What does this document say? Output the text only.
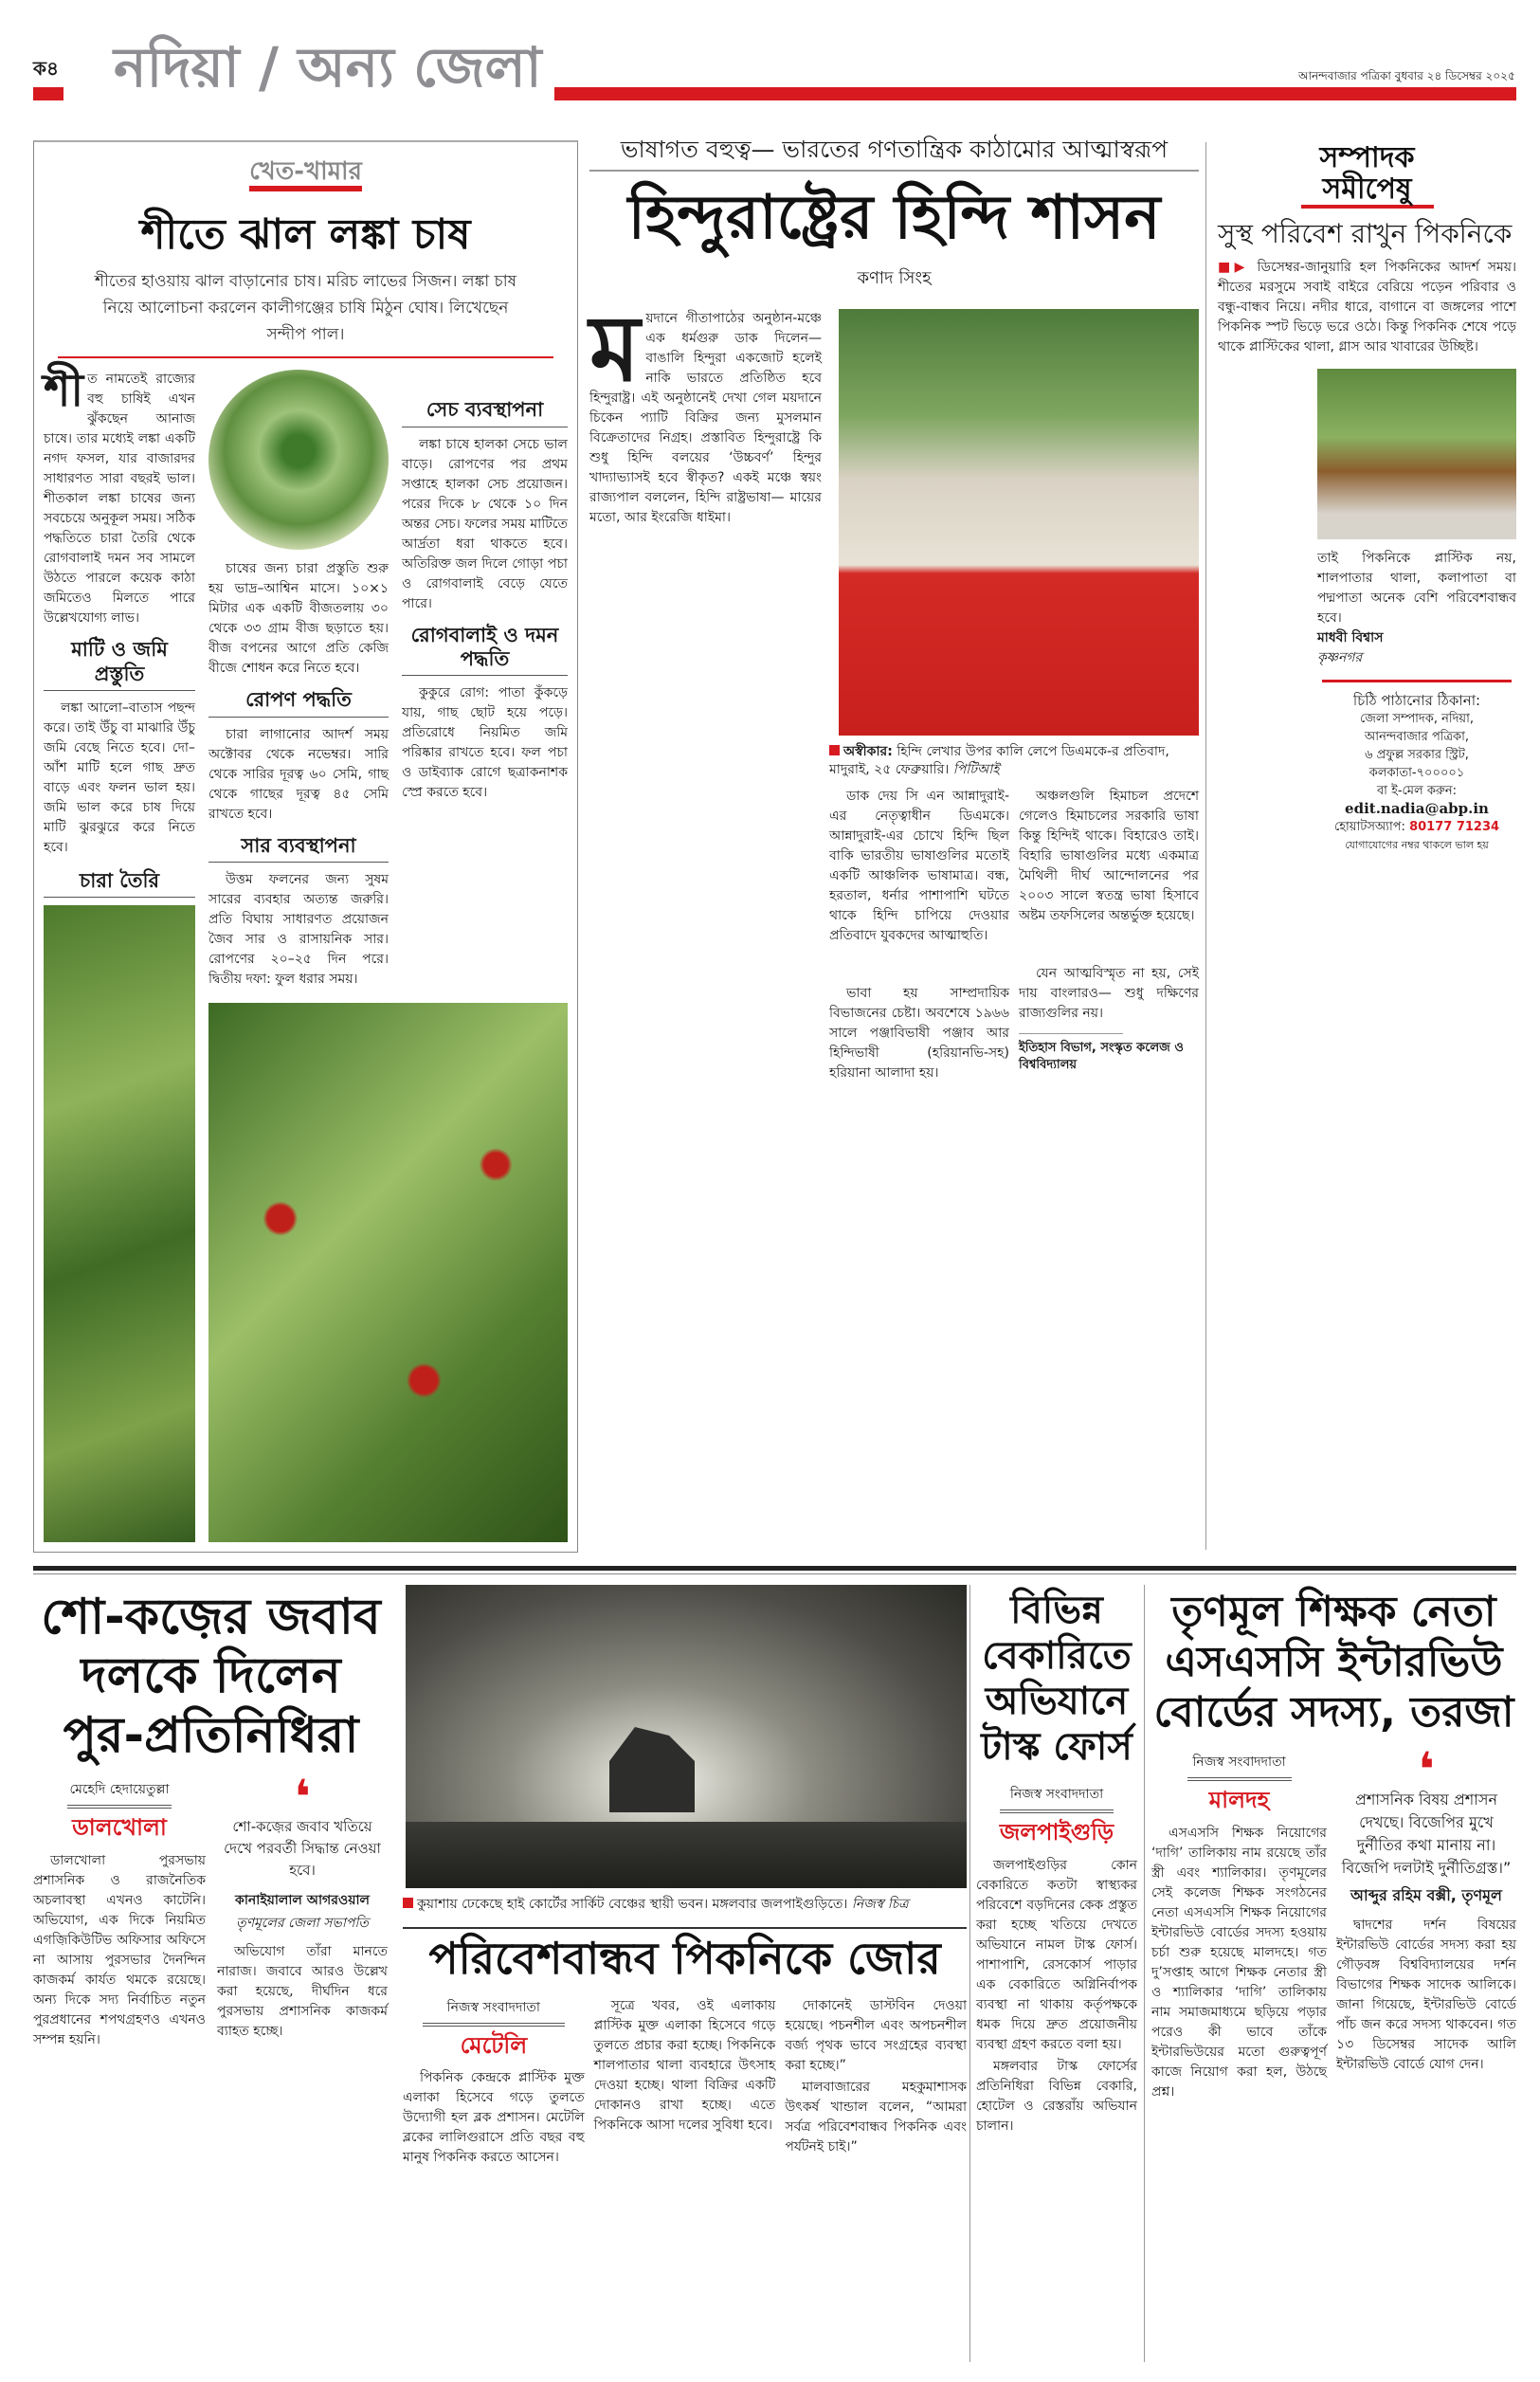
ক৪ নদিয়া / অন্য জেলা	আনন্দবাজার পত্রিকা বুধবার ২৪ ডিসেম্বর ২০২৫
খেত-খামার
শীতে ঝাল লঙ্কা চাষ
শীতের হাওয়ায় ঝাল বাড়ানোর চাষ। মরিচ লাভের সিজন। লঙ্কা চাষ নিয়ে আলোচনা করলেন কালীগঞ্জের চাষি মিঠুন ঘোষ। লিখেছেন সন্দীপ পাল।
শীত নামতেই রাজ্যের বহু চাষিই এখন ঝুঁকছেন আনাজ চাষে। তার মধ্যেই লঙ্কা একটি নগদ ফসল, যার বাজারদর সাধারণত সারা বছরই ভাল। শীতকাল লঙ্কা চাষের জন্য সবচেয়ে অনুকূল সময়। সঠিক পদ্ধতিতে চারা তৈরি থেকে রোগবালাই দমন সব সামলে উঠতে পারলে কয়েক কাঠা জমিতেও মিলতে পারে উল্লেখযোগ্য লাভ।
মাটি ও জমি প্রস্তুতি

লঙ্কা আলো–বাতাস পছন্দ করে। তাই উঁচু বা মাঝারি উঁচু জমি বেছে নিতে হবে। দো–আঁশ মাটি হলে গাছ দ্রুত বাড়ে এবং ফলন ভাল হয়। জমি ভাল করে চাষ দিয়ে মাটি ঝুরঝুরে করে নিতে হবে।

চারা তৈরি

চাষের জন্য চারা প্রস্তুতি শুরু হয় ভাদ্র–আশ্বিন মাসে। ১০×১ মিটার এক একটি বীজতলায় ৩০ থেকে ৩৩ গ্রাম বীজ ছড়াতে হয়। বীজ বপনের আগে প্রতি কেজি বীজে শোধন করে নিতে হবে।

রোপণ পদ্ধতি

চারা লাগানোর আদর্শ সময় অক্টোবর থেকে নভেম্বর। সারি থেকে সারির দূরত্ব ৬০ সেমি, গাছ থেকে গাছের দূরত্ব ৪৫ সেমি রাখতে হবে।

সার ব্যবস্থাপনা

উত্তম ফলনের জন্য সুষম সারের ব্যবহার অত্যন্ত জরুরি। প্রতি বিঘায় সাধারণত প্রয়োজন জৈব সার ও রাসায়নিক সার। রোপণের ২০–২৫ দিন পরে। দ্বিতীয় দফা: ফুল ধরার সময়।

সেচ ব্যবস্থাপনা

লঙ্কা চাষে হালকা সেচে ভাল বাড়ে। রোপণের পর প্রথম সপ্তাহে হালকা সেচ প্রয়োজন। পরের দিকে ৮ থেকে ১০ দিন অন্তর সেচ। ফলের সময় মাটিতে আর্দ্রতা ধরা থাকতে হবে। অতিরিক্ত জল দিলে গোড়া পচা ও রোগবালাই বেড়ে যেতে পারে।

রোগবালাই ও দমন পদ্ধতি

কুকুরে রোগ: পাতা কুঁকড়ে যায়, গাছ ছোট হয়ে পড়ে। প্রতিরোধে নিয়মিত জমি পরিষ্কার রাখতে হবে। ফল পচা ও ডাইব্যাক রোগে ছত্রাকনাশক স্প্রে করতে হবে।

ভাষাগত বহুত্ব— ভারতের গণতান্ত্রিক কাঠামোর আত্মাস্বরূপ
হিন্দুরাষ্ট্রের হিন্দি শাসন
কণাদ সিংহ
ময়দানে গীতাপাঠের অনুষ্ঠান-মঞ্চে এক ধর্মগুরু ডাক দিলেন— বাঙালি হিন্দুরা একজোট হলেই নাকি ভারতে প্রতিষ্ঠিত হবে হিন্দুরাষ্ট্র। এই অনুষ্ঠানেই দেখা গেল ময়দানে চিকেন প্যাটি বিক্রির জন্য মুসলমান বিক্রেতাদের নিগ্রহ। প্রস্তাবিত হিন্দুরাষ্ট্রে কি শুধু হিন্দি বলয়ের ‘উচ্চবর্ণ’ হিন্দুর খাদ্যাভ্যাসই হবে স্বীকৃত? একই মঞ্চে স্বয়ং রাজ্যপাল বললেন, হিন্দি রাষ্ট্রভাষা— মায়ের মতো, আর ইংরেজি ধাইমা।
অস্বীকার: হিন্দি লেখার উপর কালি লেপে ডিএমকে-র প্রতিবাদ, মাদুরাই, ২৫ ফেব্রুয়ারি। পিটিআই

ডাক দেয় সি এন আন্নাদুরাই-এর নেতৃত্বাধীন ডিএমকে। আন্নাদুরাই-এর চোখে হিন্দি ছিল বাকি ভারতীয় ভাষাগুলির মতোই একটি আঞ্চলিক ভাষামাত্র। বন্ধ, হরতাল, ধর্নার পাশাপাশি ঘটতে থাকে হিন্দি চাপিয়ে দেওয়ার প্রতিবাদে যুবকদের আত্মাহুতি।

ভাবা হয় সাম্প্রদায়িক বিভাজনের চেষ্টা। অবশেষে ১৯৬৬ সালে পঞ্জাবিভাষী পঞ্জাব আর হিন্দিভাষী (হরিয়ানভি-সহ) হরিয়ানা আলাদা হয়।

অঞ্চলগুলি হিমাচল প্রদেশে গেলেও হিমাচলের সরকারি ভাষা কিন্তু হিন্দিই থাকে। বিহারেও তাই। বিহারি ভাষাগুলির মধ্যে একমাত্র মৈথিলী দীর্ঘ আন্দোলনের পর ২০০৩ সালে স্বতন্ত্র ভাষা হিসাবে অষ্টম তফসিলের অন্তর্ভুক্ত হয়েছে।

যেন আত্মবিস্মৃত না হয়, সেই দায় বাংলারও— শুধু দক্ষিণের রাজ্যগুলির নয়।

ইতিহাস বিভাগ, সংস্কৃত কলেজ ও বিশ্ববিদ্যালয়
সম্পাদক সমীপেষু
সুস্থ পরিবেশ রাখুন পিকনিকে
■▶ ডিসেম্বর-জানুয়ারি হল পিকনিকের আদর্শ সময়। শীতের মরসুমে সবাই বাইরে বেরিয়ে পড়েন পরিবার ও বন্ধু-বান্ধব নিয়ে। নদীর ধারে, বাগানে বা জঙ্গলের পাশে পিকনিক স্পট ভিড়ে ভরে ওঠে। কিন্তু পিকনিক শেষে পড়ে থাকে প্লাস্টিকের থালা, গ্লাস আর খাবারের উচ্ছিষ্ট।
তাই পিকনিকে প্লাস্টিক নয়, শালপাতার থালা, কলাপাতা বা পদ্মপাতা অনেক বেশি পরিবেশবান্ধব হবে।
মাধবী বিশ্বাস
কৃষ্ণনগর
চিঠি পাঠানোর ঠিকানা:
জেলা সম্পাদক, নদিয়া,
আনন্দবাজার পত্রিকা,
৬ প্রফুল্ল সরকার স্ট্রিট,
কলকাতা-৭০০০০১
বা ই-মেল করুন:
edit.nadia@abp.in
হোয়াটসঅ্যাপ: 80177 71234
যোগাযোগের নম্বর থাকলে ভাল হয়
শো-কজ়ের জবাব দলকে দিলেন পুর-প্রতিনিধিরা
মেহেদি হেদায়েতুল্লা
ডালখোলা

ডালখোলা পুরসভায় প্রশাসনিক ও রাজনৈতিক অচলাবস্থা এখনও কাটেনি। অভিযোগ, এক দিকে নিয়মিত এগজ়িকিউটিভ অফিসার অফিসে না আসায় পুরসভার দৈনন্দিন কাজকর্ম কার্যত থমকে রয়েছে। অন্য দিকে সদ্য নির্বাচিত নতুন পুরপ্রধানের শপথগ্রহণও এখনও সম্পন্ন হয়নি।

❛
শো-কজ়ের জবাব খতিয়ে দেখে পরবর্তী সিদ্ধান্ত নেওয়া হবে।
কানাইয়ালাল আগরওয়াল
তৃণমূলের জেলা সভাপতি

অভিযোগ তাঁরা মানতে নারাজ। জবাবে আরও উল্লেখ করা হয়েছে, দীর্ঘদিন ধরে পুরসভায় প্রশাসনিক কাজকর্ম ব্যাহত হচ্ছে।

কুয়াশায় ঢেকেছে হাই কোর্টের সার্কিট বেঞ্চের স্থায়ী ভবন। মঙ্গলবার জলপাইগুড়িতে। নিজস্ব চিত্র
পরিবেশবান্ধব পিকনিকে জোর
নিজস্ব সংবাদদাতা
মেটেলি

পিকনিক কেন্দ্রকে প্লাস্টিক মুক্ত এলাকা হিসেবে গড়ে তুলতে উদ্যোগী হল ব্লক প্রশাসন। মেটেলি ব্লকের লালিগুরাসে প্রতি বছর বহু মানুষ পিকনিক করতে আসেন।

সূত্রে খবর, ওই এলাকায় প্লাস্টিক মুক্ত এলাকা হিসেবে গড়ে তুলতে প্রচার করা হচ্ছে। পিকনিকে শালপাতার থালা ব্যবহারে উৎসাহ দেওয়া হচ্ছে। থালা বিক্রির একটি দোকানও রাখা হচ্ছে। এতে পিকনিকে আসা দলের সুবিধা হবে।

দোকানেই ডাস্টবিন দেওয়া হয়েছে। পচনশীল এবং অপচনশীল বর্জ্য পৃথক ভাবে সংগ্রহের ব্যবস্থা করা হচ্ছে।”

মালবাজারের মহকুমাশাসক উৎকর্ষ খান্ডাল বলেন, “আমরা সর্বত্র পরিবেশবান্ধব পিকনিক এবং পর্যটনই চাই।”

বিভিন্ন বেকারিতে অভিযানে টাস্ক ফোর্স
নিজস্ব সংবাদদাতা
জলপাইগুড়ি

জলপাইগুড়ির কোন বেকারিতে কতটা স্বাস্থ্যকর পরিবেশে বড়দিনের কেক প্রস্তুত করা হচ্ছে খতিয়ে দেখতে অভিযানে নামল টাস্ক ফোর্স। পাশাপাশি, রেসকোর্স পাড়ার এক বেকারিতে অগ্নিনির্বাপক ব্যবস্থা না থাকায় কর্তৃপক্ষকে ধমক দিয়ে দ্রুত প্রয়োজনীয় ব্যবস্থা গ্রহণ করতে বলা হয়।

মঙ্গলবার টাস্ক ফোর্সের প্রতিনিধিরা বিভিন্ন বেকারি, হোটেল ও রেস্তরাঁয় অভিযান চালান।

তৃণমূল শিক্ষক নেতা এসএসসি ইন্টারভিউ বোর্ডের সদস্য, তরজা
নিজস্ব সংবাদদাতা
মালদহ

এসএসসি শিক্ষক নিয়োগের ‘দাগি’ তালিকায় নাম রয়েছে তাঁর স্ত্রী এবং শ্যালিকার। তৃণমূলের সেই কলেজ শিক্ষক সংগঠনের নেতা এসএসসি শিক্ষক নিয়োগের ইন্টারভিউ বোর্ডের সদস্য হওয়ায় চর্চা শুরু হয়েছে মালদহে। গত দু’সপ্তাহ আগে শিক্ষক নেতার স্ত্রী ও শ্যালিকার ‘দাগি’ তালিকায় নাম সমাজমাধ্যমে ছড়িয়ে পড়ার পরেও কী ভাবে তাঁকে ইন্টারভিউয়ের মতো গুরুত্বপূর্ণ কাজে নিয়োগ করা হল, উঠছে প্রশ্ন।

❛
প্রশাসনিক বিষয় প্রশাসন দেখছে। বিজেপির মুখে দুর্নীতির কথা মানায় না। বিজেপি দলটাই দুর্নীতিগ্রস্ত।”
আব্দুর রহিম বক্সী, তৃণমূল

দ্বাদশের দর্শন বিষয়ের ইন্টারভিউ বোর্ডের সদস্য করা হয় গৌড়বঙ্গ বিশ্ববিদ্যালয়ের দর্শন বিভাগের শিক্ষক সাদেক আলিকে। জানা গিয়েছে, ইন্টারভিউ বোর্ডে পাঁচ জন করে সদস্য থাকবেন। গত ১৩ ডিসেম্বর সাদেক আলি ইন্টারভিউ বোর্ডে যোগ দেন।
